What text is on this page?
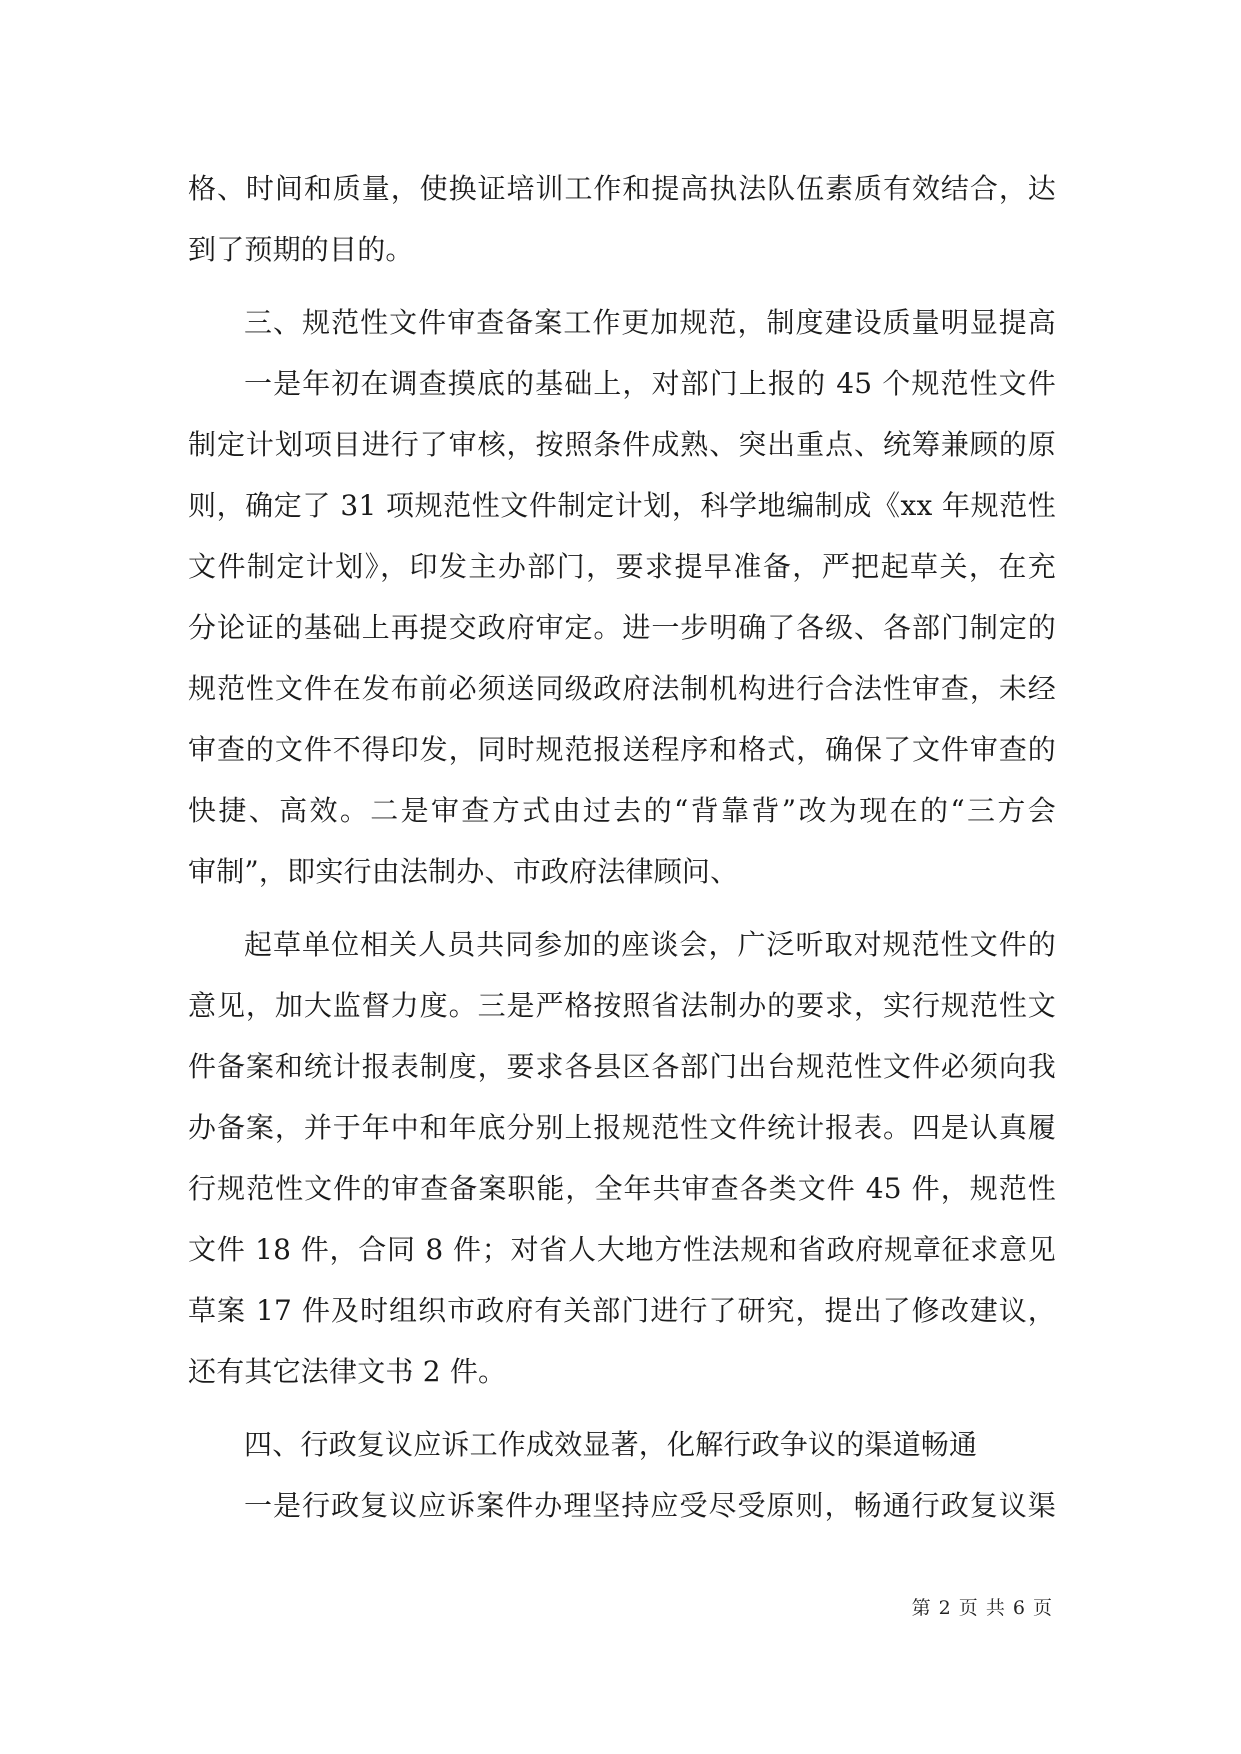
格、时间和质量，使换证培训工作和提高执法队伍素质有效结合，达
到了预期的目的。
三、规范性文件审查备案工作更加规范，制度建设质量明显提高
一是年初在调查摸底的基础上，对部门上报的 45 个规范性文件
制定计划项目进行了审核，按照条件成熟、突出重点、统筹兼顾的原
则，确定了 31 项规范性文件制定计划，科学地编制成《xx 年规范性
文件制定计划》，印发主办部门，要求提早准备，严把起草关，在充
分论证的基础上再提交政府审定。进一步明确了各级、各部门制定的
规范性文件在发布前必须送同级政府法制机构进行合法性审查，未经
审查的文件不得印发，同时规范报送程序和格式，确保了文件审查的
快捷、高效。二是审查方式由过去的“背靠背”改为现在的“三方会
审制”，即实行由法制办、市政府法律顾问、
起草单位相关人员共同参加的座谈会，广泛听取对规范性文件的
意见，加大监督力度。三是严格按照省法制办的要求，实行规范性文
件备案和统计报表制度，要求各县区各部门出台规范性文件必须向我
办备案，并于年中和年底分别上报规范性文件统计报表。四是认真履
行规范性文件的审查备案职能，全年共审查各类文件 45 件，规范性
文件 18 件，合同 8 件；对省人大地方性法规和省政府规章征求意见
草案 17 件及时组织市政府有关部门进行了研究，提出了修改建议，
还有其它法律文书 2 件。
四、行政复议应诉工作成效显著，化解行政争议的渠道畅通
一是行政复议应诉案件办理坚持应受尽受原则，畅通行政复议渠
第 2 页 共 6 页
